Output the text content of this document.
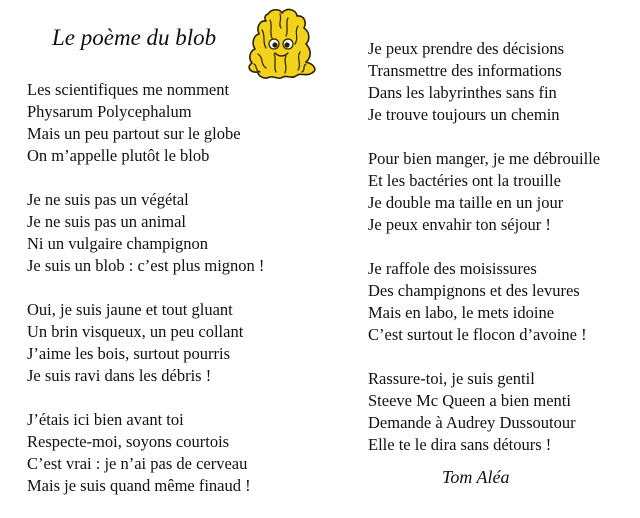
Le poème du blob
Les scientifiques me nomment
Physarum Polycephalum
Mais un peu partout sur le globe
On m’appelle plutôt le blob
Je ne suis pas un végétal
Je ne suis pas un animal
Ni un vulgaire champignon
Je suis un blob : c’est plus mignon !
Oui, je suis jaune et tout gluant
Un brin visqueux, un peu collant
J’aime les bois, surtout pourris
Je suis ravi dans les débris !
J’étais ici bien avant toi
Respecte-moi, soyons courtois
C’est vrai : je n’ai pas de cerveau
Mais je suis quand même finaud !
Je peux prendre des décisions
Transmettre des informations
Dans les labyrinthes sans fin
Je trouve toujours un chemin
Pour bien manger, je me débrouille
Et les bactéries ont la trouille
Je double ma taille en un jour
Je peux envahir ton séjour !
Je raffole des moisissures
Des champignons et des levures
Mais en labo, le mets idoine
C’est surtout le flocon d’avoine !
Rassure-toi, je suis gentil
Steeve Mc Queen a bien menti
Demande à Audrey Dussoutour
Elle te le dira sans détours !
Tom Aléa
